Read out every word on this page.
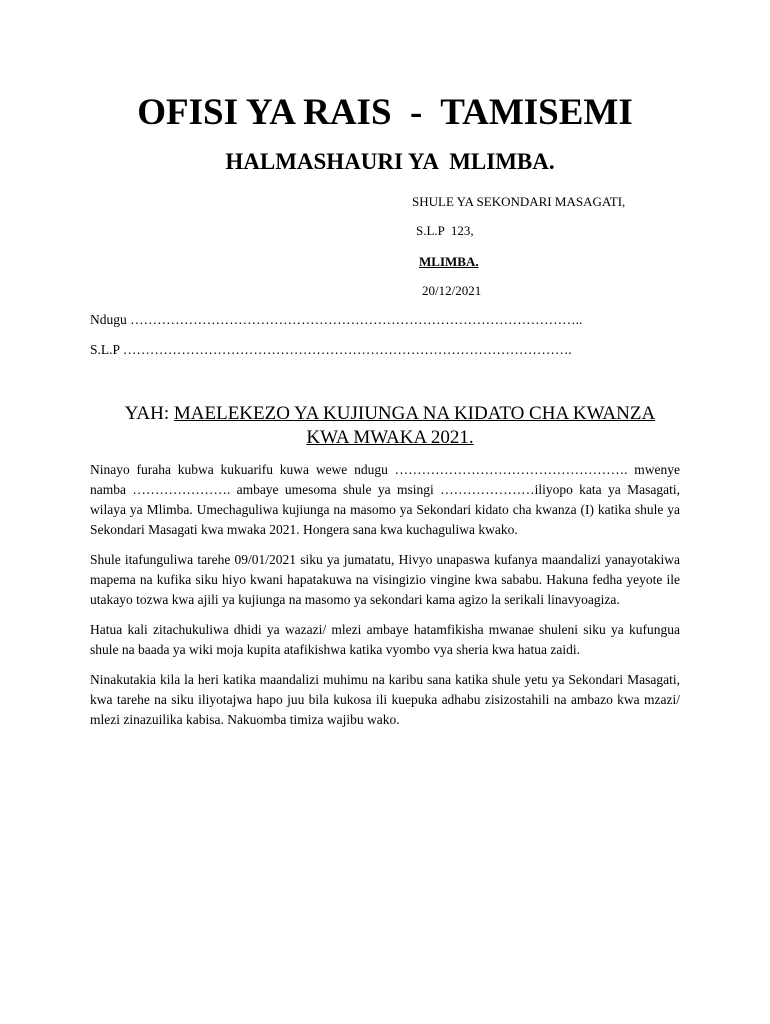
OFISI YA RAIS  -  TAMISEMI
HALMASHAURI YA  MLIMBA.
SHULE YA SEKONDARI MASAGATI,
S.L.P  123,
MLIMBA.
20/12/2021
Ndugu ………………………………………………………………………………………..
S.L.P ……………………………………………………………………………………….
YAH: MAELEKEZO YA KUJIUNGA NA KIDATO CHA KWANZA
KWA MWAKA 2021.

Ninayo furaha kubwa kukuarifu kuwa wewe ndugu ……………………………………………. mwenye namba …………………. ambaye umesoma shule ya msingi …………………iliyopo kata ya Masagati, wilaya ya Mlimba. Umechaguliwa kujiunga na masomo ya Sekondari kidato cha kwanza (I) katika shule ya Sekondari Masagati kwa mwaka 2021. Hongera sana kwa kuchaguliwa kwako.

Shule itafunguliwa tarehe 09/01/2021 siku ya jumatatu, Hivyo unapaswa kufanya maandalizi yanayotakiwa mapema na kufika siku hiyo kwani hapatakuwa na visingizio vingine kwa sababu. Hakuna fedha yeyote ile utakayo tozwa kwa ajili ya kujiunga na masomo ya sekondari kama agizo la serikali linavyoagiza.

Hatua kali zitachukuliwa dhidi ya wazazi/ mlezi ambaye hatamfikisha mwanae shuleni siku ya kufungua shule na baada ya wiki moja kupita atafikishwa katika vyombo vya sheria kwa hatua zaidi.

Ninakutakia kila la heri katika maandalizi muhimu na karibu sana katika shule yetu ya Sekondari Masagati, kwa tarehe na siku iliyotajwa hapo juu bila kukosa ili kuepuka adhabu zisizostahili na ambazo kwa mzazi/ mlezi zinazuilika kabisa. Nakuomba timiza wajibu wako.
